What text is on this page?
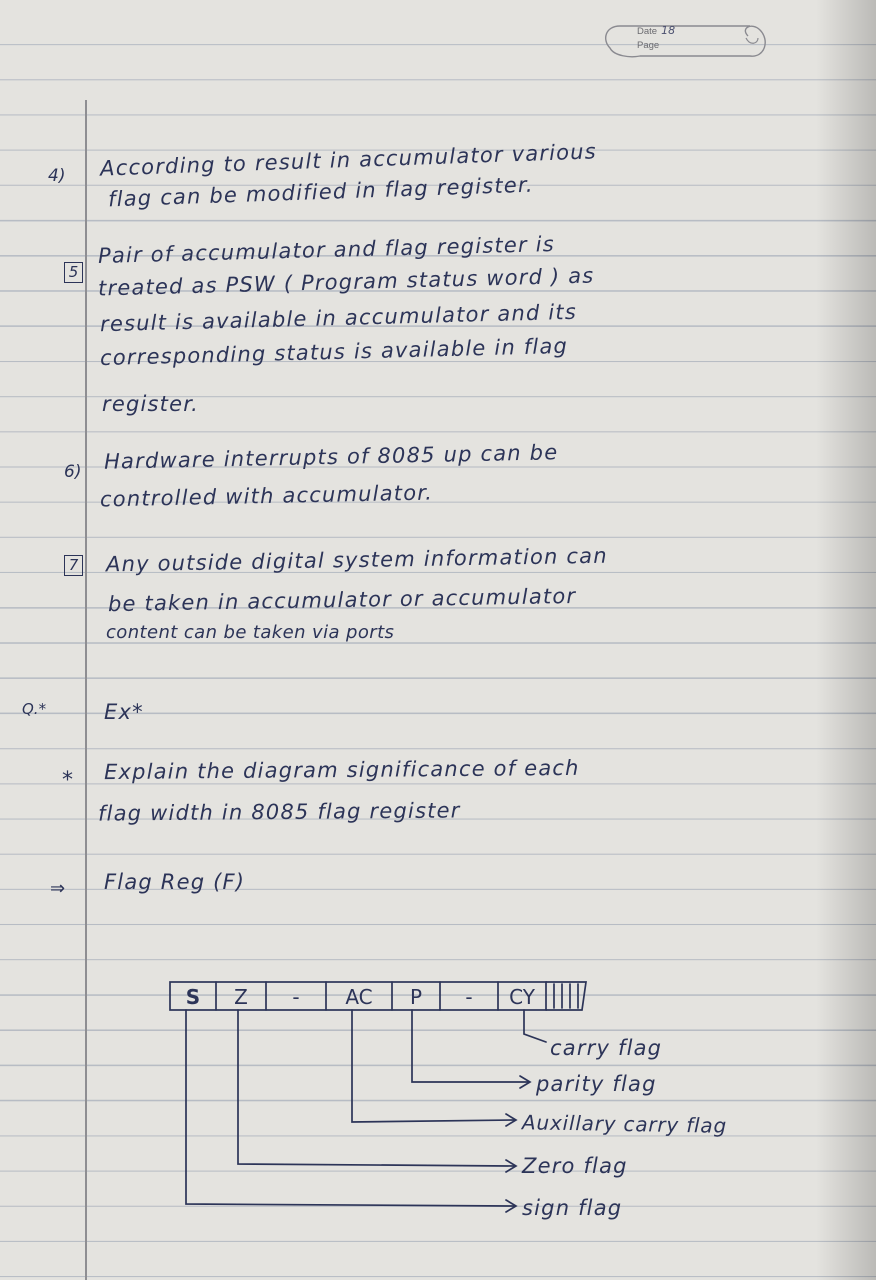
Date 18
Page
4) According to result in accumulator various
flag can be modified in flag register.
5
Pair of accumulator and flag register is
treated as PSW ( Program status word ) as
result is available in accumulator and its
corresponding status is available in flag
register.
6) Hardware interrupts of 8085 up can be
controlled with accumulator.
7 Any outside digital system information can
be taken in accumulator or accumulator
content can be taken via ports
Q.*	Ex*
* Explain the diagram significance of each
flag width in 8085 flag register
⇒ Flag Reg (F)
S Z - AC P - CY
carry flag
parity flag
Auxillary carry flag
Zero flag
sign flag
